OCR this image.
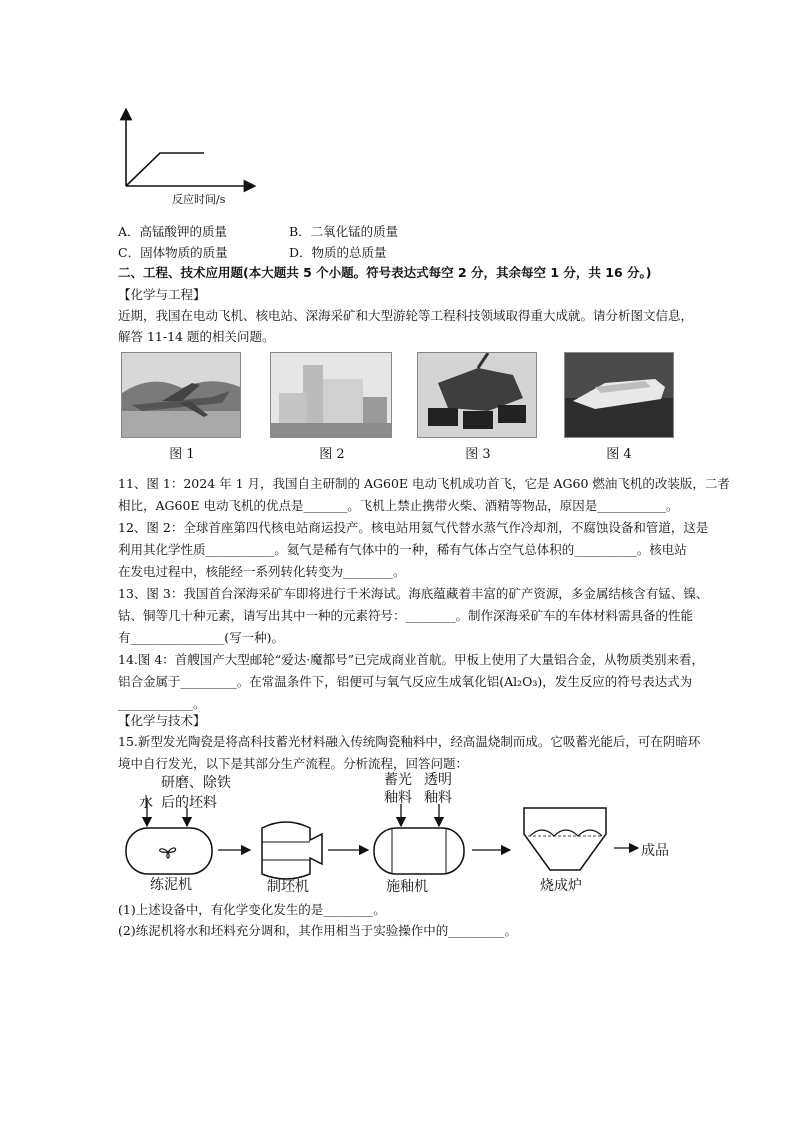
反应时间/s
A．高锰酸钾的质量	B．二氧化锰的质量
C．固体物质的质量	D．物质的总质量
二、工程、技术应用题(本大题共 5 个小题。符号表达式每空 2 分，其余每空 1 分，共 16 分。)
【化学与工程】
近期，我国在电动飞机、核电站、深海采矿和大型游轮等工程科技领域取得重大成就。请分析图文信息，
解答 11-14 题的相关问题。
图 1	图 2	图 3	图 4
11、图 1：2024 年 1 月，我国自主研制的 AG60E 电动飞机成功首飞，它是 AG60 燃油飞机的改装版，二者
相比，AG60E 电动飞机的优点是_______。飞机上禁止携带火柴、酒精等物品，原因是___________。
12、图 2：全球首座第四代核电站商运投产。核电站用氦气代替水蒸气作冷却剂，不腐蚀设备和管道，这是
利用其化学性质___________。氦气是稀有气体中的一种，稀有气体占空气总体积的__________。核电站
在发电过程中，核能经一系列转化转变为________。
13、图 3：我国首台深海采矿车即将进行千米海试。海底蕴藏着丰富的矿产资源，多金属结核含有锰、镍、
钴、铜等几十种元素，请写出其中一种的元素符号：________。制作深海采矿车的车体材料需具备的性能
有_______________(写一种)。
14.图 4：首艘国产大型邮轮“爱达·魔都号”已完成商业首航。甲板上使用了大量铝合金，从物质类别来看，
铝合金属于_________。在常温条件下，铝便可与氧气反应生成氧化铝(Al₂O₃)，发生反应的符号表达式为
____________。
【化学与技术】
15.新型发光陶瓷是将高科技蓄光材料融入传统陶瓷釉料中，经高温烧制而成。它吸蓄光能后，可在阴暗环
境中自行发光，以下是其部分生产流程。分析流程，回答问题：
研磨、除铁
水 后的坯料
蓄光 透明
釉料 釉料
练泥机	制坯机	施釉机	烧成炉
成品
(1)上述设备中，有化学变化发生的是________。
(2)练泥机将水和坯料充分调和，其作用相当于实验操作中的_________。
